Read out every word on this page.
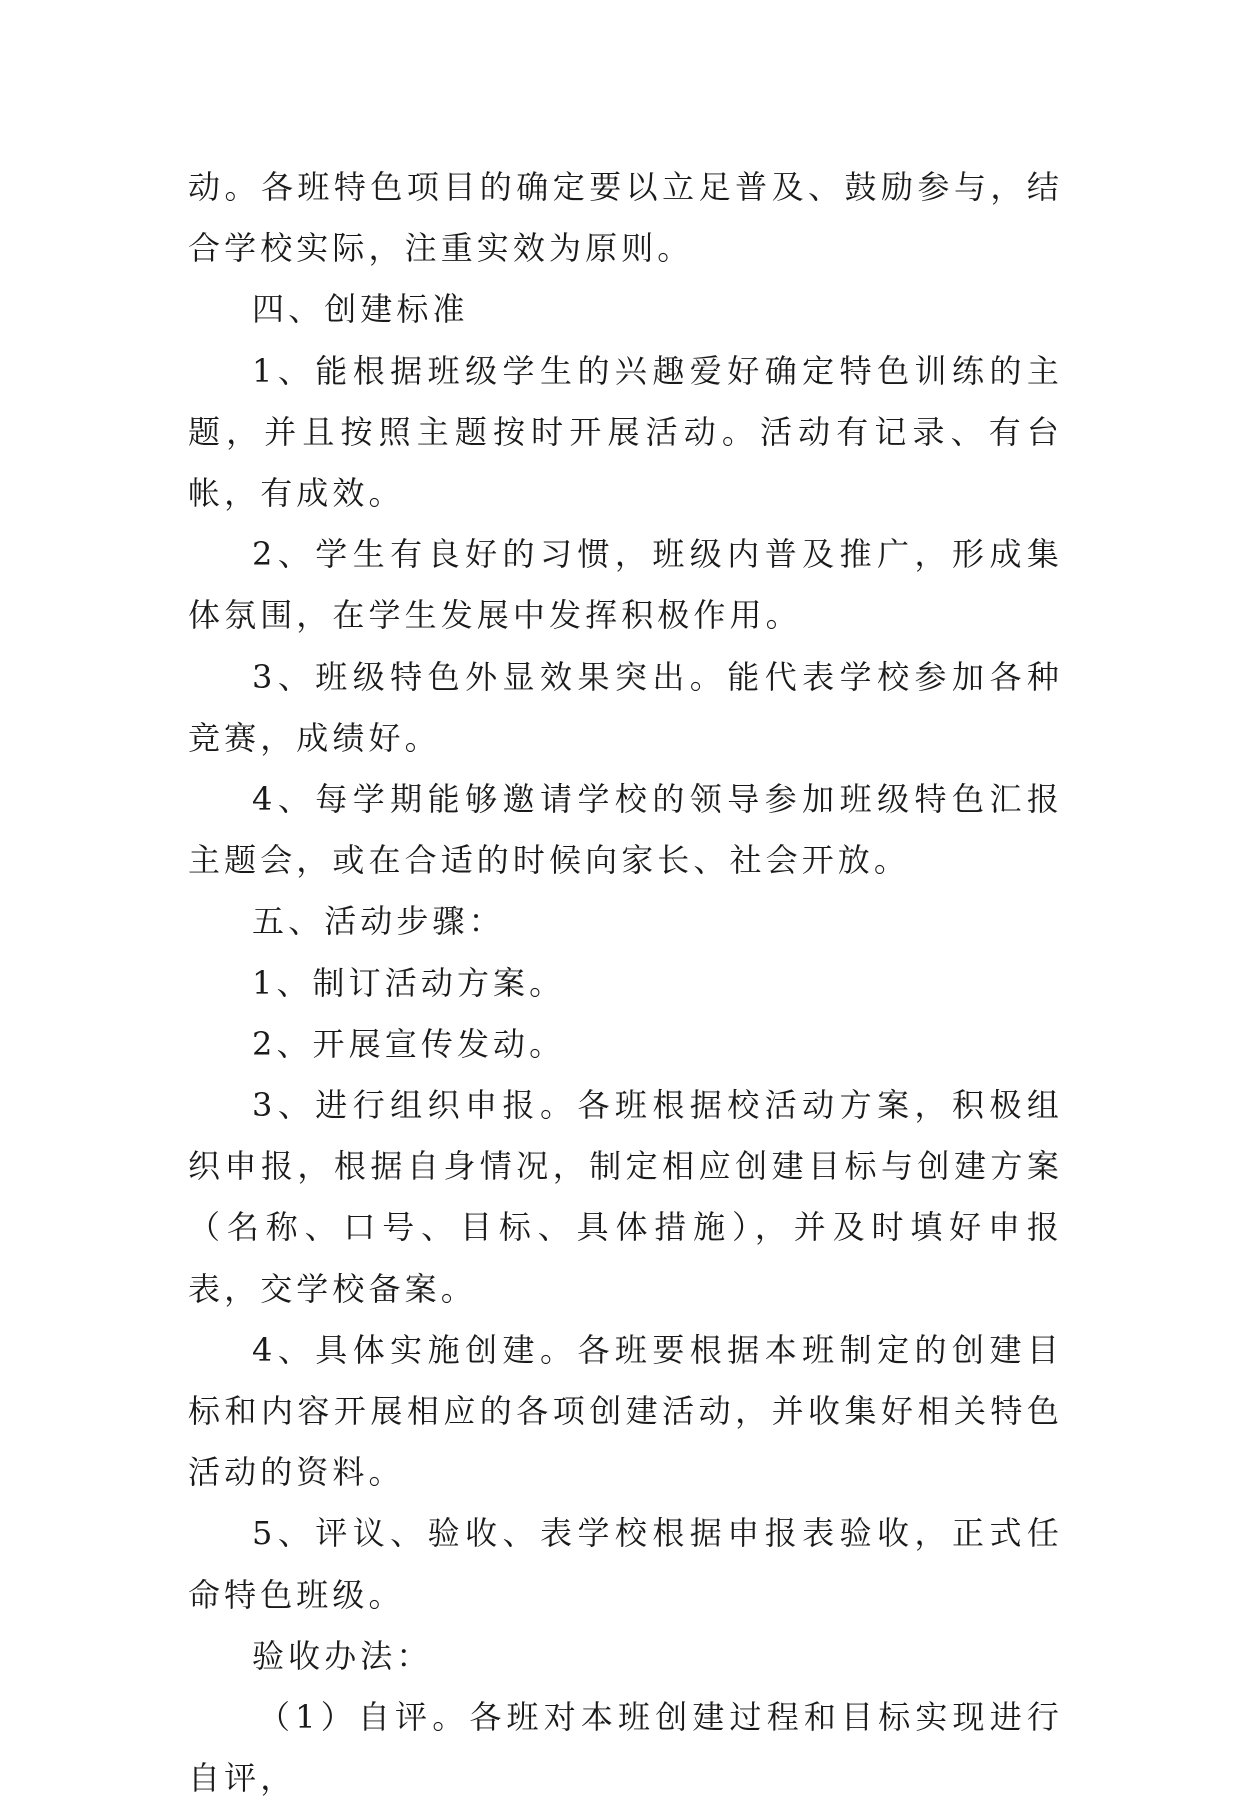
动。各班特色项目的确定要以立足普及、鼓励参与，结合学校实际，注重实效为原则。

四、创建标准

1、能根据班级学生的兴趣爱好确定特色训练的主题，并且按照主题按时开展活动。活动有记录、有台帐，有成效。

2、学生有良好的习惯，班级内普及推广，形成集体氛围，在学生发展中发挥积极作用。

3、班级特色外显效果突出。能代表学校参加各种竞赛，成绩好。

4、每学期能够邀请学校的领导参加班级特色汇报主题会，或在合适的时候向家长、社会开放。

五、活动步骤：

1、制订活动方案。

2、开展宣传发动。

3、进行组织申报。各班根据校活动方案，积极组织申报，根据自身情况，制定相应创建目标与创建方案（名称、口号、目标、具体措施），并及时填好申报表，交学校备案。

4、具体实施创建。各班要根据本班制定的创建目标和内容开展相应的各项创建活动，并收集好相关特色活动的资料。

5、评议、验收、表学校根据申报表验收，正式任命特色班级。

验收办法：

（1）自评。各班对本班创建过程和目标实现进行自评，
